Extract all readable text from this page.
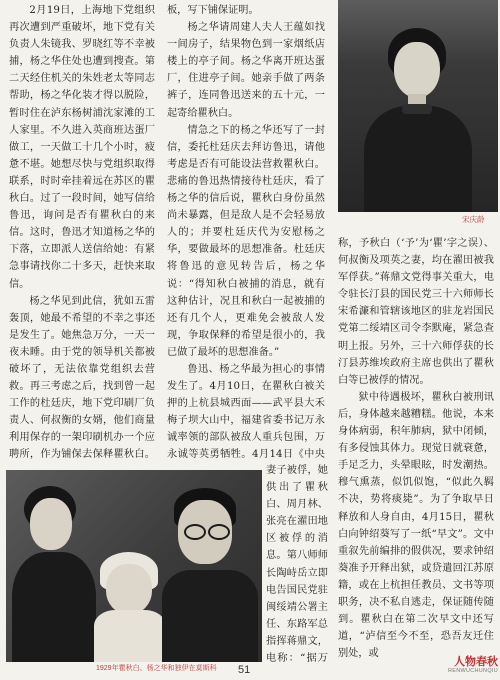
2月19日，上海地下党组织再次遭到严重破坏，地下党有关负责人朱镜我、罗晓红等不幸被捕，杨之华住处也遭到搜查。第二天经住机关的朱姓老太等同志帮助，杨之华化装才得以脱险，暂时住在泸东杨树浦沈家滩的工人家里。不久进入英商班达蛋厂做工，一天做工十几个小时，疲惫不堪。她想尽快与党组织取得联系，时时牵挂着远在苏区的瞿秋白。过了一段时间，她写信给鲁迅，询问是否有瞿秋白的来信。这时，鲁迅才知道杨之华的下落，立即派人送信给她：有紧急事请找你二十多天，赶快来取信。

杨之华见到此信，犹如五雷轰顶，她最不希望的不幸之事还是发生了。她焦急万分，一天一夜未睡。由于党的领导机关都被破坏了，无法依靠党组织去营救。再三考虑之后，找到曾一起工作的杜廷庆，地下党印刷厂负责人、何叔衡的女婿，他们商量利用保存的一架印刷机办一个应聘所，作为铺保去保释瞿秋白。

板，写下铺保证明。

杨之华请周建人夫人王蕴如找一间房子，结果物色到一家烟纸店楼上的亭子间。杨之华离开班达蛋厂，住进亭子间。她亲手做了两条裤子，连同鲁迅送来的五十元，一起寄给瞿秋白。

情急之下的杨之华还写了一封信，委托杜廷庆去拜访鲁迅，请他考虑是否有可能设法营救瞿秋白。悲痛的鲁迅热情接待杜廷庆，看了杨之华的信后说，瞿秋白身份虽然尚未暴露，但是敌人是不会轻易放人的；并要杜廷庆代为安慰杨之华，要做最坏的思想准备。杜廷庆将鲁迅的意见转告后，杨之华说：“得知秋白被捕的消息，就有这种估计，况且和秋白一起被捕的还有几个人，更难免会被敌人发现，争取保释的希望是很小的，我已做了最坏的思想准备。”

鲁迅、杨之华最为担心的事情发生了。4月10日，在瞿秋白被关押的上杭县城西面——武平县大禾梅子坝大山中，福建省委书记万永诚率领的部队被敌人重兵包围，万永诚等英勇牺牲。4月14日《中央

妻子被俘，她供出了瞿秋白、周月林、张亮在濯田地区被俘的消息。第八师师长陶峙岳立即电告国民党驻闽绥靖公署主任、东路军总指挥蒋鼎文，电称：“据万

称，予秋白（‘予’为‘瞿’字之误）、何叔衡及项英之妻，均在濯田被我军俘获。”蒋鼎文党得事关重大，电令驻长汀县的国民党三十六师师长宋希濂和管辖该地区的驻龙岩国民党第二绥靖区司令李默庵，紧急查明上报。另外，三十六师俘获的长汀县苏维埃政府主席也供出了瞿秋白等已被俘的情况。

狱中待遇极坏，瞿秋白被刑讯后，身体越来越糟糕。他说，本来身体病弱，积年肺病，狱中闭倾，有多侵蚀其体力。现觉日就衰惫，手足乏力，头晕眼眩，时发潮热。穆气熏蒸，似饥似饱，“似此久羁不决，势将痰毙”。为了争取早日释放和人身自由，4月15日，瞿秋白向钟绍葵写了一纸“早文”。文中重叙先前编排的假供况，要求钟绍葵准予开释出狱，或贷遣回江苏原籍，或在上杭担任教员、文书等项职务，决不私自逃走，保证随传随到。瞿秋白在第二次早文中还写道，“泸信至今不至，恐吾友迁住别处，或

宋庆龄
1929年瞿秋白、杨之华和独伊在莫斯科 51
人物春秋
RENWUCHUNQIU
